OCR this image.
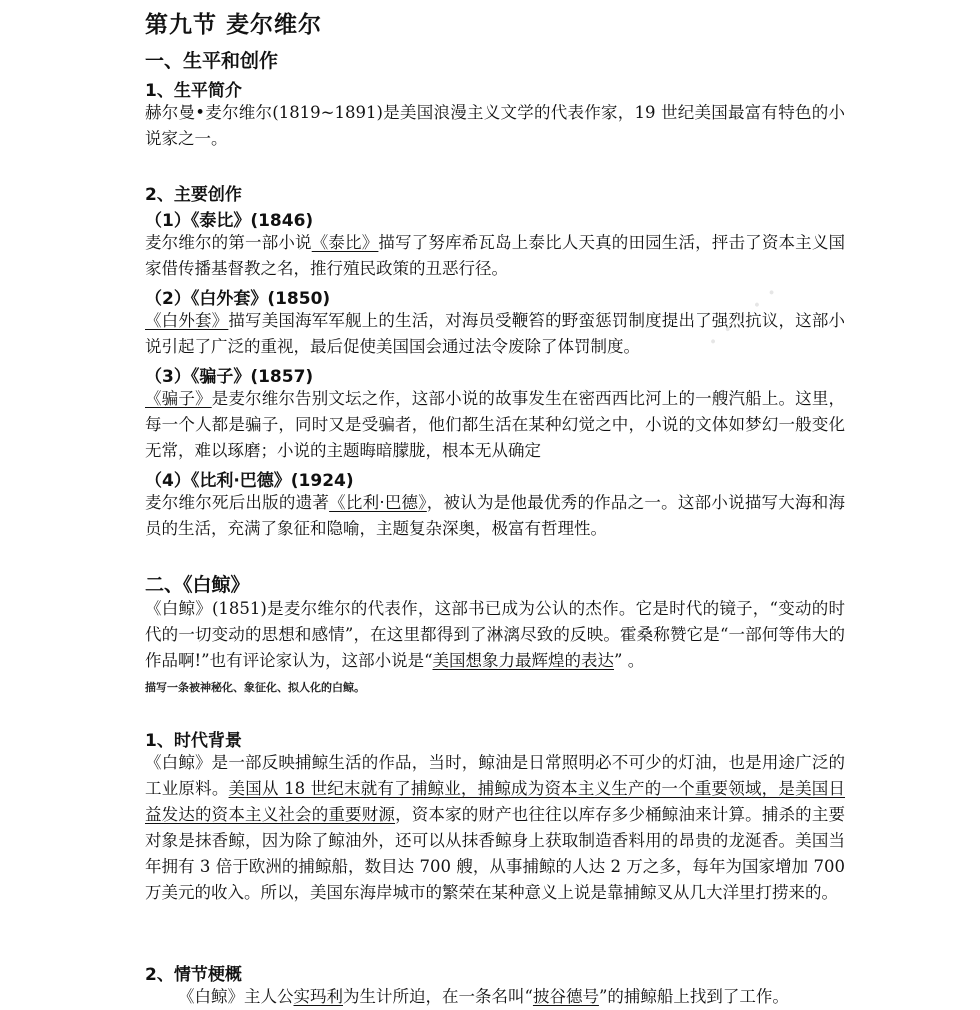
· · · · ·
第九节 麦尔维尔
一、生平和创作
1、生平简介

赫尔曼•麦尔维尔(1819~1891)是美国浪漫主义文学的代表作家，19 世纪美国最富有特色的小说家之一。

2、主要创作
（1）《泰比》(1846)

麦尔维尔的第一部小说《泰比》描写了努库希瓦岛上泰比人天真的田园生活，抨击了资本主义国家借传播基督教之名，推行殖民政策的丑恶行径。

（2）《白外套》(1850)

《白外套》描写美国海军军舰上的生活，对海员受鞭笞的野蛮惩罚制度提出了强烈抗议，这部小说引起了广泛的重视，最后促使美国国会通过法令废除了体罚制度。

（3）《骗子》(1857)

《骗子》是麦尔维尔告别文坛之作，这部小说的故事发生在密西西比河上的一艘汽船上。这里，每一个人都是骗子，同时又是受骗者，他们都生活在某种幻觉之中，小说的文体如梦幻一般变化无常，难以琢磨；小说的主题晦暗朦胧，根本无从确定

（4）《比利·巴德》(1924)

麦尔维尔死后出版的遗著《比利·巴德》，被认为是他最优秀的作品之一。这部小说描写大海和海员的生活，充满了象征和隐喻，主题复杂深奥，极富有哲理性。

二、《白鲸》

《白鲸》(1851)是麦尔维尔的代表作，这部书已成为公认的杰作。它是时代的镜子，“变动的时代的一切变动的思想和感情”，在这里都得到了淋漓尽致的反映。霍桑称赞它是“一部何等伟大的作品啊!”也有评论家认为，这部小说是“美国想象力最辉煌的表达” 。

描写一条被神秘化、象征化、拟人化的白鲸。
1、时代背景

《白鲸》是一部反映捕鲸生活的作品，当时，鲸油是日常照明必不可少的灯油，也是用途广泛的工业原料。美国从 18 世纪末就有了捕鲸业，捕鲸成为资本主义生产的一个重要领域，是美国日益发达的资本主义社会的重要财源，资本家的财产也往往以库存多少桶鲸油来计算。捕杀的主要对象是抹香鲸，因为除了鲸油外，还可以从抹香鲸身上获取制造香料用的昂贵的龙涎香。美国当年拥有 3 倍于欧洲的捕鲸船，数目达 700 艘，从事捕鲸的人达 2 万之多，每年为国家增加 700 万美元的收入。所以，美国东海岸城市的繁荣在某种意义上说是靠捕鲸叉从几大洋里打捞来的。

2、情节梗概

《白鲸》主人公实玛利为生计所迫，在一条名叫“披谷德号”的捕鲸船上找到了工作。
